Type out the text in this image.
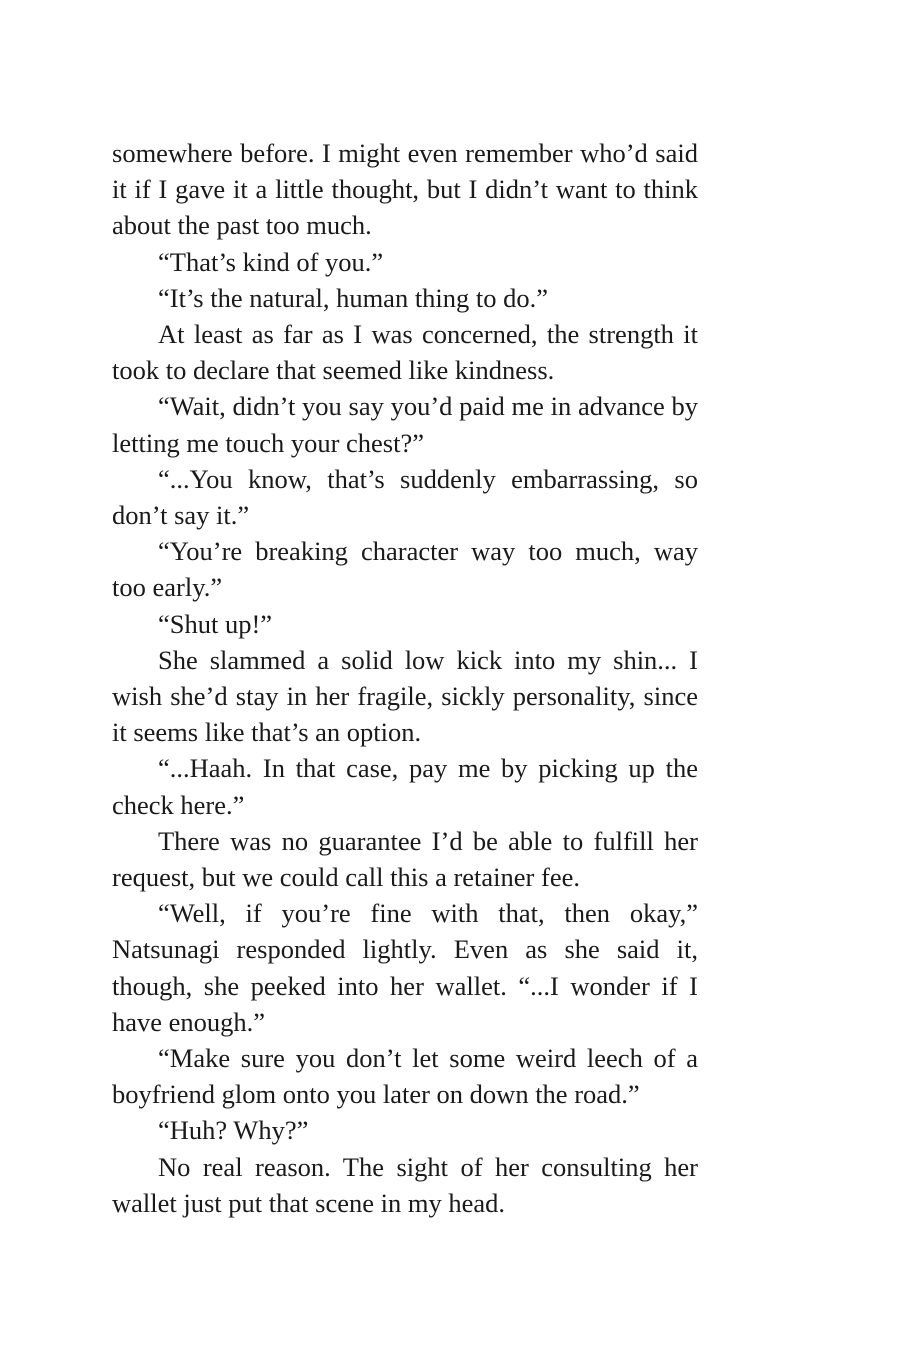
somewhere before. I might even remember who’d said it if I gave it a little thought, but I didn’t want to think about the past too much.

“That’s kind of you.”

“It’s the natural, human thing to do.”

At least as far as I was concerned, the strength it took to declare that seemed like kindness.

“Wait, didn’t you say you’d paid me in advance by letting me touch your chest?”

“...You know, that’s suddenly embarrassing, so don’t say it.”

“You’re breaking character way too much, way too early.”

“Shut up!”

She slammed a solid low kick into my shin... I wish she’d stay in her fragile, sickly personality, since it seems like that’s an option.

“...Haah. In that case, pay me by picking up the check here.”

There was no guarantee I’d be able to fulfill her request, but we could call this a retainer fee.

“Well, if you’re fine with that, then okay,” Natsunagi responded lightly. Even as she said it, though, she peeked into her wallet. “...I wonder if I have enough.”

“Make sure you don’t let some weird leech of a boyfriend glom onto you later on down the road.”

“Huh? Why?”

No real reason. The sight of her consulting her wallet just put that scene in my head.
